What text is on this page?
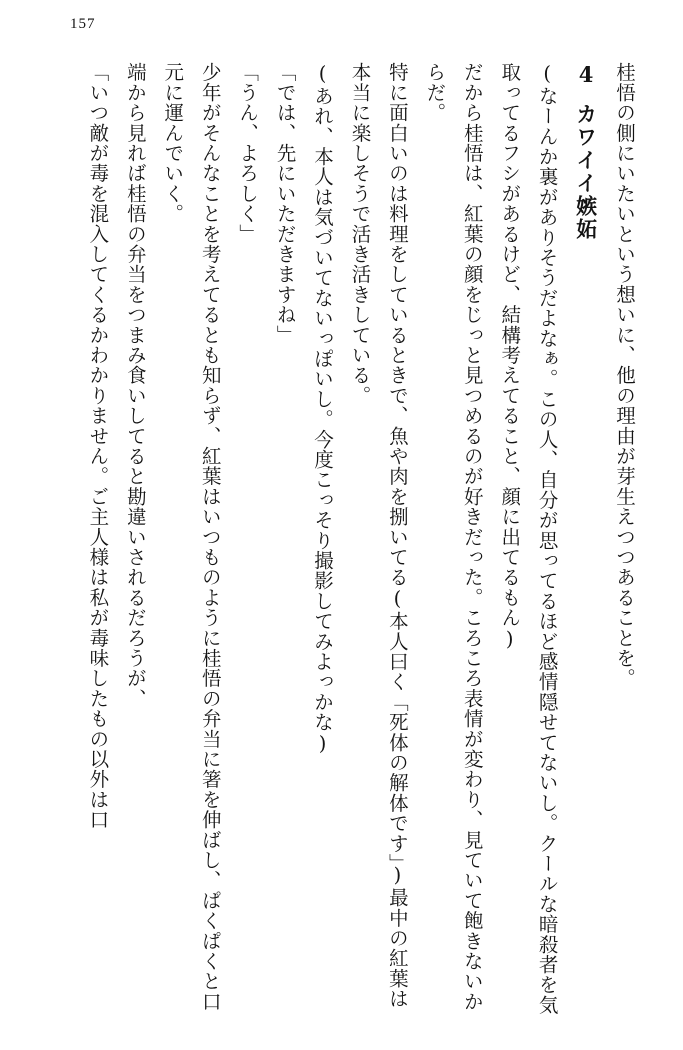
157

桂悟の側にいたいという想いに、他の理由が芽生えつつあることを。

4カワイイ嫉妬

(なーんか裏がありそうだよなぁ。この人、自分が思ってるほど感情隠せてないし。クールな暗殺者を気取ってるフシがあるけど、結構考えてること、顔に出てるもん)

だから桂悟は、紅葉の顔をじっと見つめるのが好きだった。ころころ表情が変わり、見ていて飽きないからだ。

特に面白いのは料理をしているときで、魚や肉を捌いてる(本人曰く「死体の解体です」)最中の紅葉は本当に楽しそうで活き活きしている。

(あれ、本人は気づいてないっぽいし。今度こっそり撮影してみよっかな)

「では、先にいただきますね」

「うん、よろしく」

少年がそんなことを考えてるとも知らず、紅葉はいつものように桂悟の弁当に箸を伸ばし、ぱくぱくと口元に運んでいく。

端から見れば桂悟の弁当をつまみ食いしてると勘違いされるだろうが、

「いつ敵が毒を混入してくるかわかりません。ご主人様は私が毒味したもの以外は口
